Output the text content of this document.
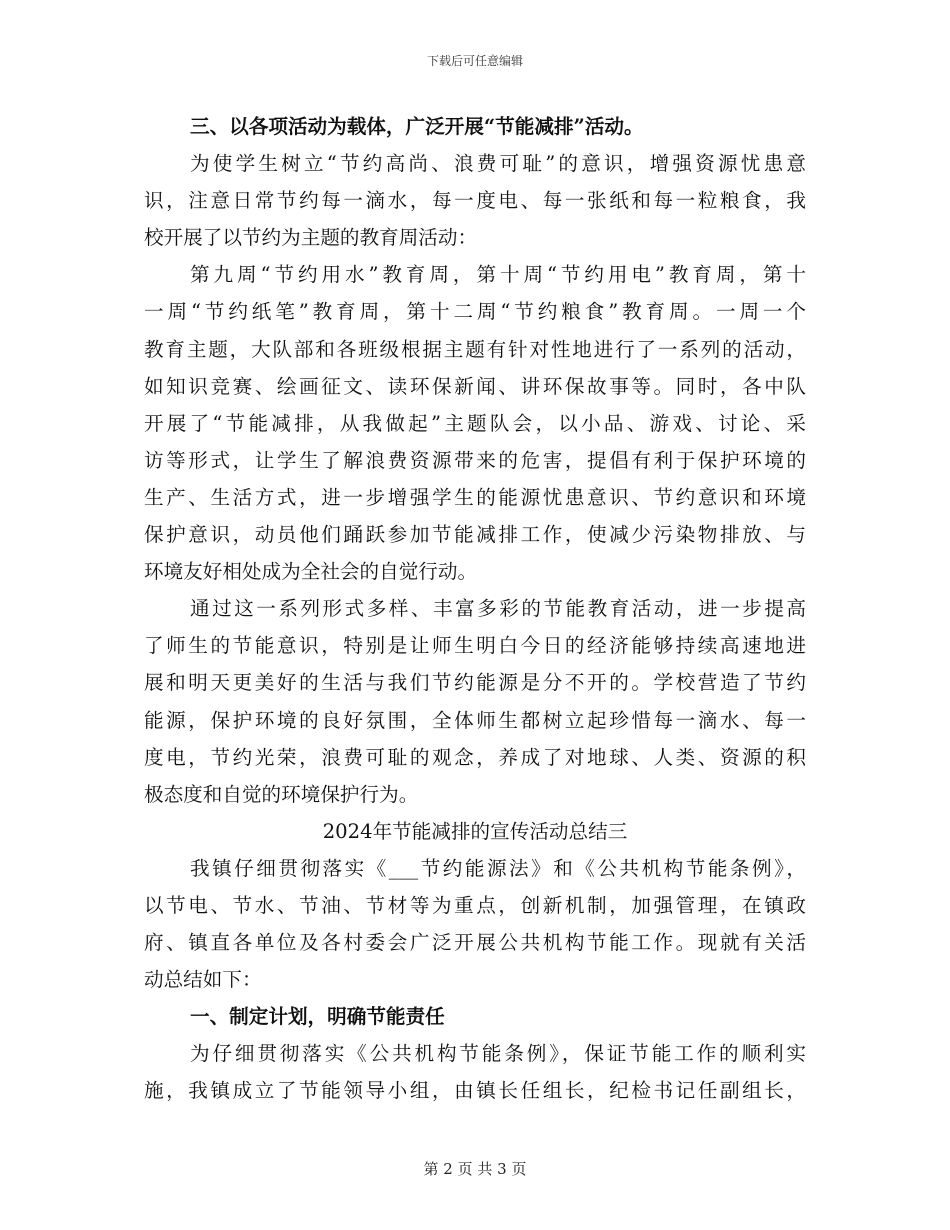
下载后可任意编辑
三、以各项活动为载体，广泛开展“节能减排”活动。
为使学生树立“节约高尚、浪费可耻”的意识，增强资源忧患意
识，注意日常节约每一滴水，每一度电、每一张纸和每一粒粮食，我
校开展了以节约为主题的教育周活动：
第九周“节约用水”教育周，第十周“节约用电”教育周，第十
一周“节约纸笔”教育周，第十二周“节约粮食”教育周。一周一个
教育主题，大队部和各班级根据主题有针对性地进行了一系列的活动，
如知识竞赛、绘画征文、读环保新闻、讲环保故事等。同时，各中队
开展了“节能减排，从我做起”主题队会，以小品、游戏、讨论、采
访等形式，让学生了解浪费资源带来的危害，提倡有利于保护环境的
生产、生活方式，进一步增强学生的能源忧患意识、节约意识和环境
保护意识，动员他们踊跃参加节能减排工作，使减少污染物排放、与
环境友好相处成为全社会的自觉行动。
通过这一系列形式多样、丰富多彩的节能教育活动，进一步提高
了师生的节能意识，特别是让师生明白今日的经济能够持续高速地进
展和明天更美好的生活与我们节约能源是分不开的。学校营造了节约
能源，保护环境的良好氛围，全体师生都树立起珍惜每一滴水、每一
度电，节约光荣，浪费可耻的观念，养成了对地球、人类、资源的积
极态度和自觉的环境保护行为。
2024年节能减排的宣传活动总结三
我镇仔细贯彻落实《___节约能源法》和《公共机构节能条例》，
以节电、节水、节油、节材等为重点，创新机制，加强管理，在镇政
府、镇直各单位及各村委会广泛开展公共机构节能工作。现就有关活
动总结如下：
一、制定计划，明确节能责任
为仔细贯彻落实《公共机构节能条例》，保证节能工作的顺利实
施，我镇成立了节能领导小组，由镇长任组长，纪检书记任副组长，
第 2 页 共 3 页
